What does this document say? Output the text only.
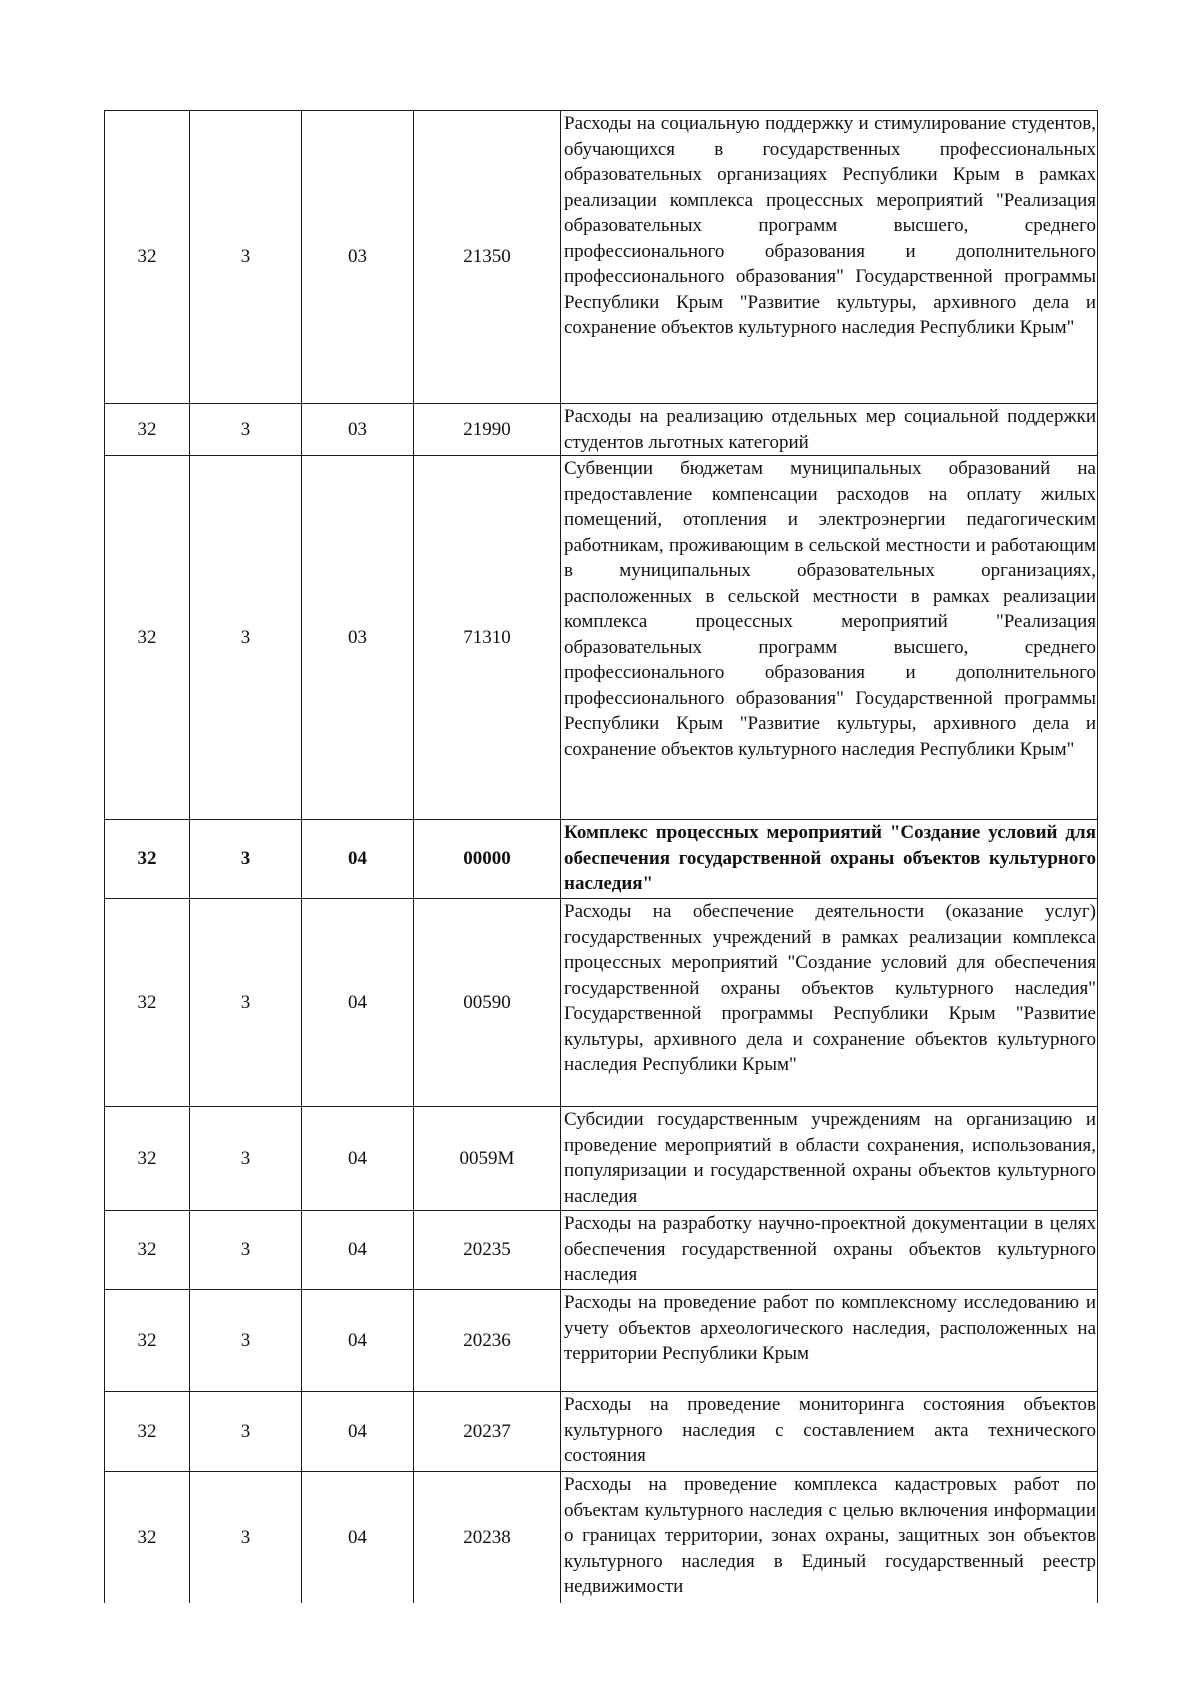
32	3	03	21350	Расходы на социальную поддержку и стимулирование студентов, обучающихся в государственных профессиональных образовательных организациях Республики Крым в рамках реализации комплекса процессных мероприятий "Реализация образовательных программ высшего, среднего профессионального образования и дополнительного профессионального образования" Государственной программы Республики Крым "Развитие культуры, архивного дела и сохранение объектов культурного наследия Республики Крым"
32	3	03	21990	Расходы на реализацию отдельных мер социальной поддержки студентов льготных категорий
32	3	03	71310	Субвенции бюджетам муниципальных образований на предоставление компенсации расходов на оплату жилых помещений, отопления и электроэнергии педагогическим работникам, проживающим в сельской местности и работающим в муниципальных образовательных организациях, расположенных в сельской местности в рамках реализации комплекса процессных мероприятий "Реализация образовательных программ высшего, среднего профессионального образования и дополнительного профессионального образования" Государственной программы Республики Крым "Развитие культуры, архивного дела и сохранение объектов культурного наследия Республики Крым"
32	3	04	00000	Комплекс процессных мероприятий "Создание условий для обеспечения государственной охраны объектов культурного наследия"
32	3	04	00590	Расходы на обеспечение деятельности (оказание услуг) государственных учреждений в рамках реализации комплекса процессных мероприятий "Создание условий для обеспечения государственной охраны объектов культурного наследия" Государственной программы Республики Крым "Развитие культуры, архивного дела и сохранение объектов культурного наследия Республики Крым"
32	3	04	0059M	Субсидии государственным учреждениям на организацию и проведение мероприятий в области сохранения, использования, популяризации и государственной охраны объектов культурного наследия
32	3	04	20235	Расходы на разработку научно-проектной документации в целях обеспечения государственной охраны объектов культурного наследия
32	3	04	20236	Расходы на проведение работ по комплексному исследованию и учету объектов археологического наследия, расположенных на территории Республики Крым
32	3	04	20237	Расходы на проведение мониторинга состояния объектов культурного наследия с составлением акта технического состояния
32	3	04	20238	Расходы на проведение комплекса кадастровых работ по объектам культурного наследия с целью включения информации о границах территории, зонах охраны, защитных зон объектов культурного наследия в Единый государственный реестр недвижимости
